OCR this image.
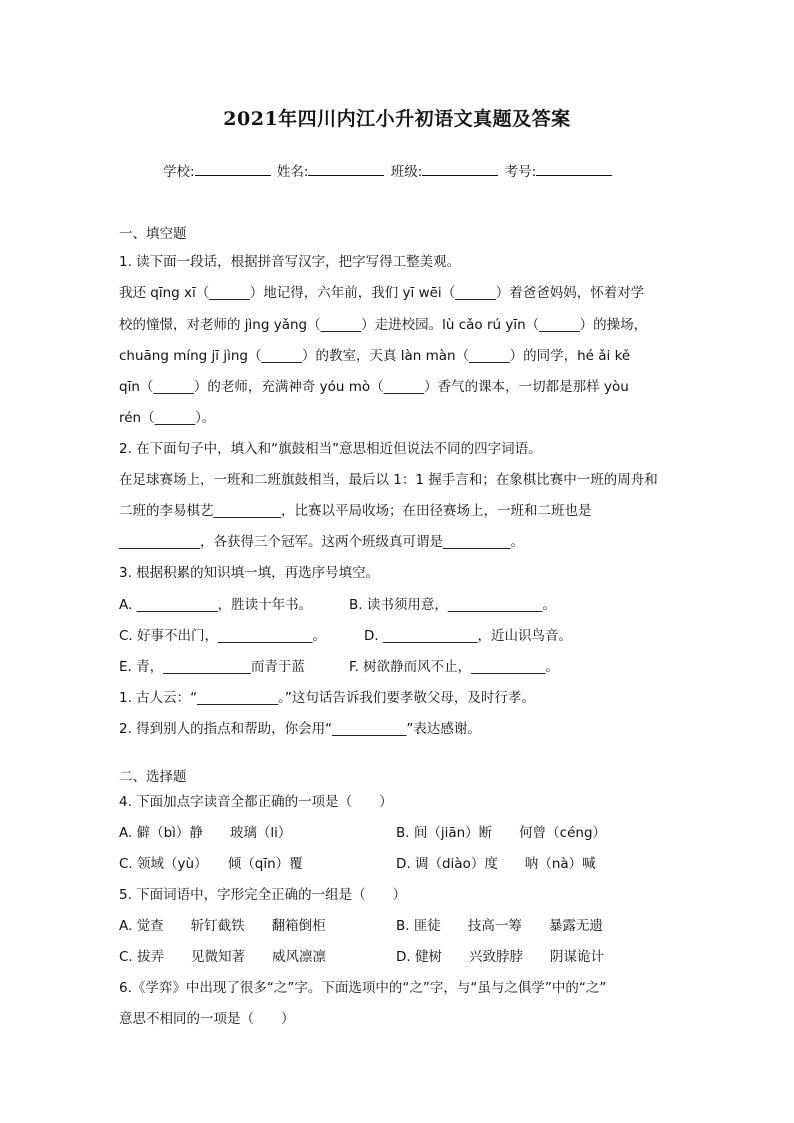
2021年四川内江小升初语文真题及答案
学校:	姓名:	班级:	考号:
一、填空题
1. 读下面一段话，根据拼音写汉字，把字写得工整美观。
我还 qīng xī（______）地记得，六年前，我们 yī wēi（______）着爸爸妈妈，怀着对学
校的憧憬，对老师的 jìng yǎng（______）走进校园。lù cǎo rú yīn（______）的操场，
chuāng míng jī jìng（______）的教室，天真 làn màn（______）的同学，hé ǎi kě
qīn（______）的老师，充满神奇 yóu mò（______）香气的课本，一切都是那样 yòu
rén（______）。
2. 在下面句子中，填入和“旗鼓相当”意思相近但说法不同的四字词语。
在足球赛场上，一班和二班旗鼓相当，最后以 1：1 握手言和；在象棋比赛中一班的周舟和
二班的李易棋艺__________，比赛以平局收场；在田径赛场上，一班和二班也是
____________，各获得三个冠军。这两个班级真可谓是__________。
3. 根据积累的知识填一填，再选序号填空。
A. ____________，胜读十年书。	B. 读书须用意，______________。
C. 好事不出门，______________。	D. ______________，近山识鸟音。
E. 青，_____________而青于蓝	F. 树欲静而风不止，___________。
1. 古人云：“____________。”这句话告诉我们要孝敬父母，及时行孝。
2. 得到别人的指点和帮助，你会用“___________”表达感谢。
二、选择题
4. 下面加点字读音全都正确的一项是（　　）
A. 僻（bì）静　　玻璃（li）	B. 间（jiān）断　　何曾（céng）
C. 领域（yù）　　倾（qīn）覆	D. 调（diào）度　　呐（nà）喊
5. 下面词语中，字形完全正确的一组是（　　）
A. 觉查　　斩钉截铁　　翻箱倒柜	B. 匪徒　　技高一筹　　暴露无遗
C. 拔弄　　见微知著　　威风凛凛	D. 健树　　兴致脖脖　　阴谋诡计
6.《学弈》中出现了很多“之”字。下面选项中的“之”字，与“虽与之俱学”中的“之”
意思不相同的一项是（　　）
